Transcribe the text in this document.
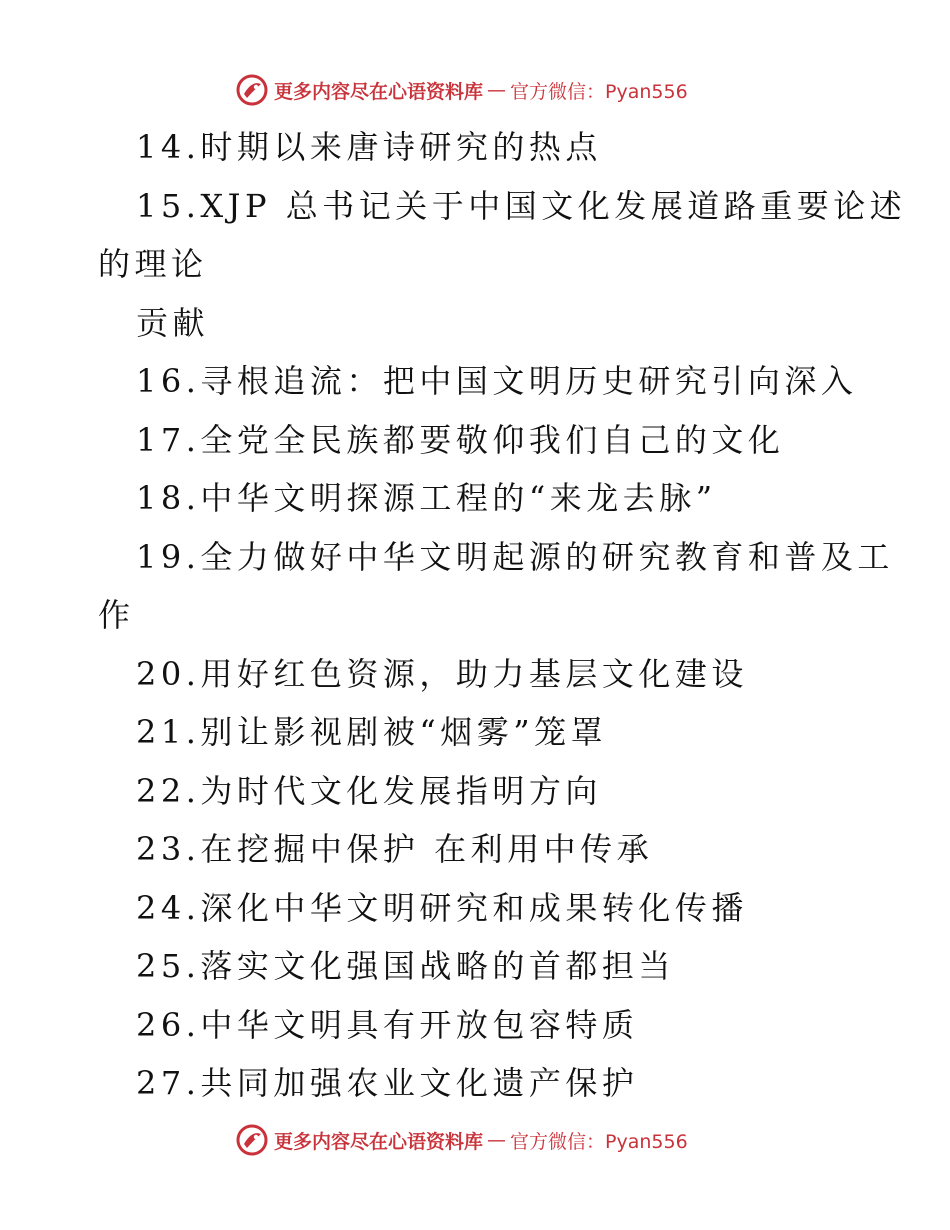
更多内容尽在心语资料库 — 官方微信：Pyan556
14.时期以来唐诗研究的热点
15.XJP 总书记关于中国文化发展道路重要论述
的理论
贡献
16.寻根追流：把中国文明历史研究引向深入
17.全党全民族都要敬仰我们自己的文化
18.中华文明探源工程的“来龙去脉”
19.全力做好中华文明起源的研究教育和普及工
作
20.用好红色资源，助力基层文化建设
21.别让影视剧被“烟雾”笼罩
22.为时代文化发展指明方向
23.在挖掘中保护 在利用中传承
24.深化中华文明研究和成果转化传播
25.落实文化强国战略的首都担当
26.中华文明具有开放包容特质
27.共同加强农业文化遗产保护
更多内容尽在心语资料库 — 官方微信：Pyan556
